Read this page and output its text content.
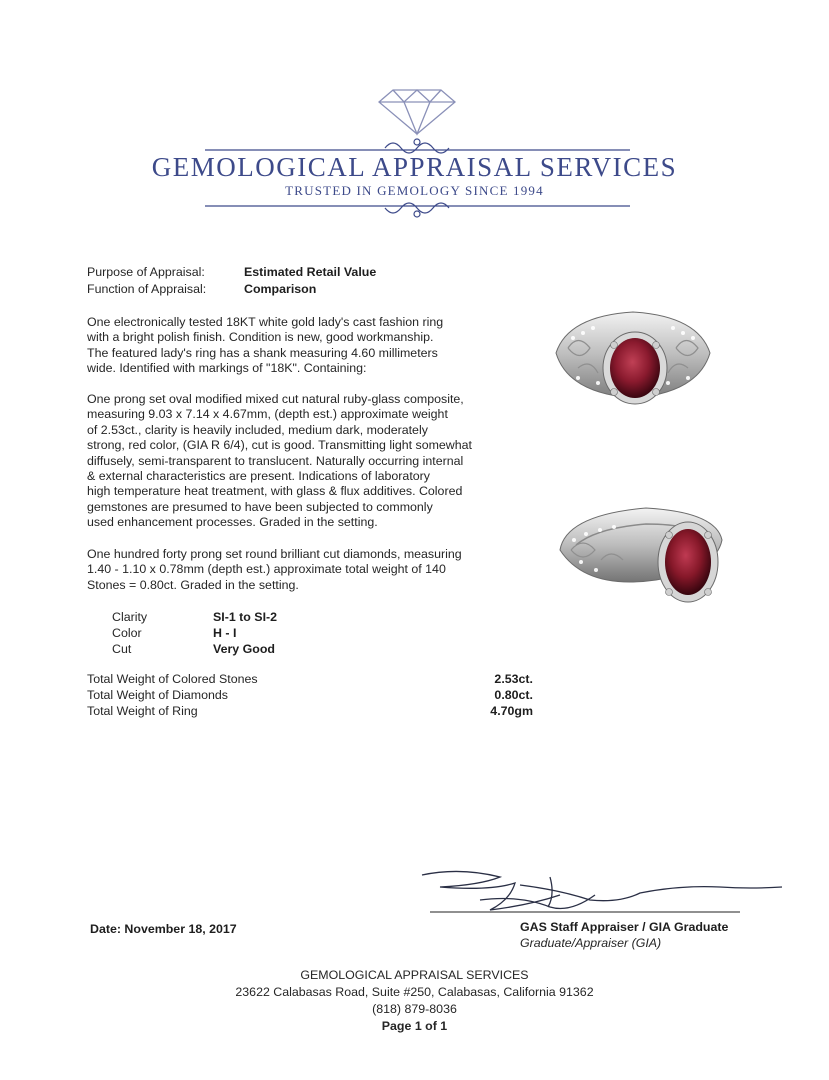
GEMOLOGICAL APPRAISAL SERVICES
TRUSTED IN GEMOLOGY SINCE 1994
Purpose of Appraisal:	Estimated Retail Value
Function of Appraisal:	Comparison
One electronically tested 18KT white gold lady's cast fashion ring
with a bright polish finish. Condition is new, good workmanship.
The featured lady's ring has a shank measuring 4.60 millimeters
wide. Identified with markings of "18K". Containing:
One prong set oval modified mixed cut natural ruby-glass composite,
measuring 9.03 x 7.14 x 4.67mm, (depth est.) approximate weight
of 2.53ct., clarity is heavily included, medium dark, moderately
strong, red color, (GIA R 6/4), cut is good. Transmitting light somewhat
diffusely, semi-transparent to translucent. Naturally occurring internal
& external characteristics are present. Indications of laboratory
high temperature heat treatment, with glass & flux additives. Colored
gemstones are presumed to have been subjected to commonly
used enhancement processes. Graded in the setting.
One hundred forty prong set round brilliant cut diamonds, measuring
1.40 - 1.10 x 0.78mm (depth est.) approximate total weight of 140
Stones = 0.80ct. Graded in the setting.
Clarity	SI-1 to SI-2
Color	H - I
Cut	Very Good
Total Weight of Colored Stones	2.53ct.
Total Weight of Diamonds	0.80ct.
Total Weight of Ring	4.70gm
Date: November 18, 2017	GAS Staff Appraiser / GIA Graduate
Graduate/Appraiser (GIA)
GEMOLOGICAL APPRAISAL SERVICES
23622 Calabasas Road, Suite #250, Calabasas, California 91362
(818) 879-8036
Page 1 of 1
